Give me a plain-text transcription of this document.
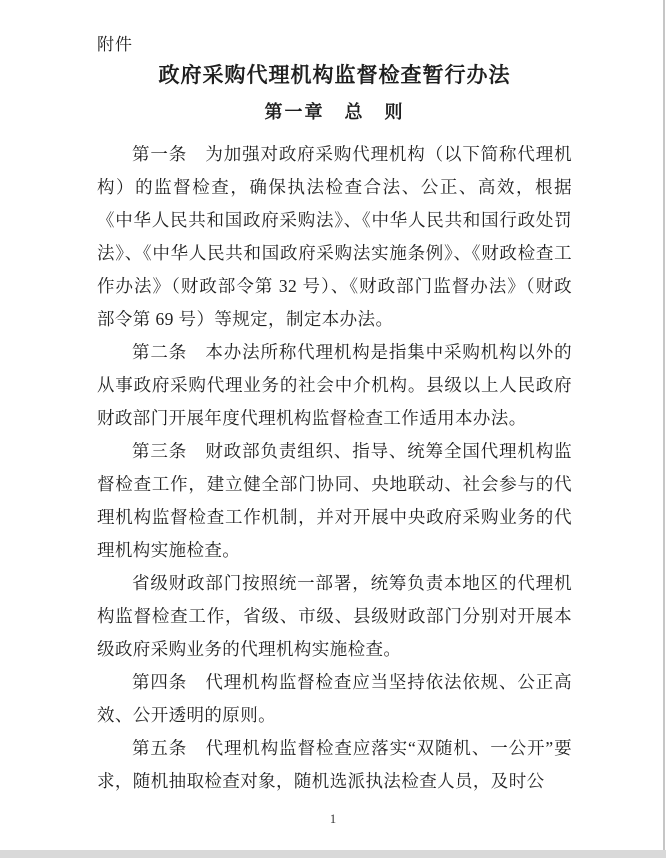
附件
政府采购代理机构监督检查暂行办法
第一章　总　则

第一条　为加强对政府采购代理机构（以下简称代理机构）的监督检查，确保执法检查合法、公正、高效，根据《中华人民共和国政府采购法》、《中华人民共和国行政处罚法》、《中华人民共和国政府采购法实施条例》、《财政检查工作办法》（财政部令第 32 号）、《财政部门监督办法》（财政部令第 69 号）等规定，制定本办法。

第二条　本办法所称代理机构是指集中采购机构以外的从事政府采购代理业务的社会中介机构。县级以上人民政府财政部门开展年度代理机构监督检查工作适用本办法。

第三条　财政部负责组织、指导、统筹全国代理机构监督检查工作，建立健全部门协同、央地联动、社会参与的代理机构监督检查工作机制，并对开展中央政府采购业务的代理机构实施检查。

省级财政部门按照统一部署，统筹负责本地区的代理机构监督检查工作，省级、市级、县级财政部门分别对开展本级政府采购业务的代理机构实施检查。

第四条　代理机构监督检查应当坚持依法依规、公正高效、公开透明的原则。

第五条　代理机构监督检查应落实“双随机、一公开”要求，随机抽取检查对象，随机选派执法检查人员，及时公

1
